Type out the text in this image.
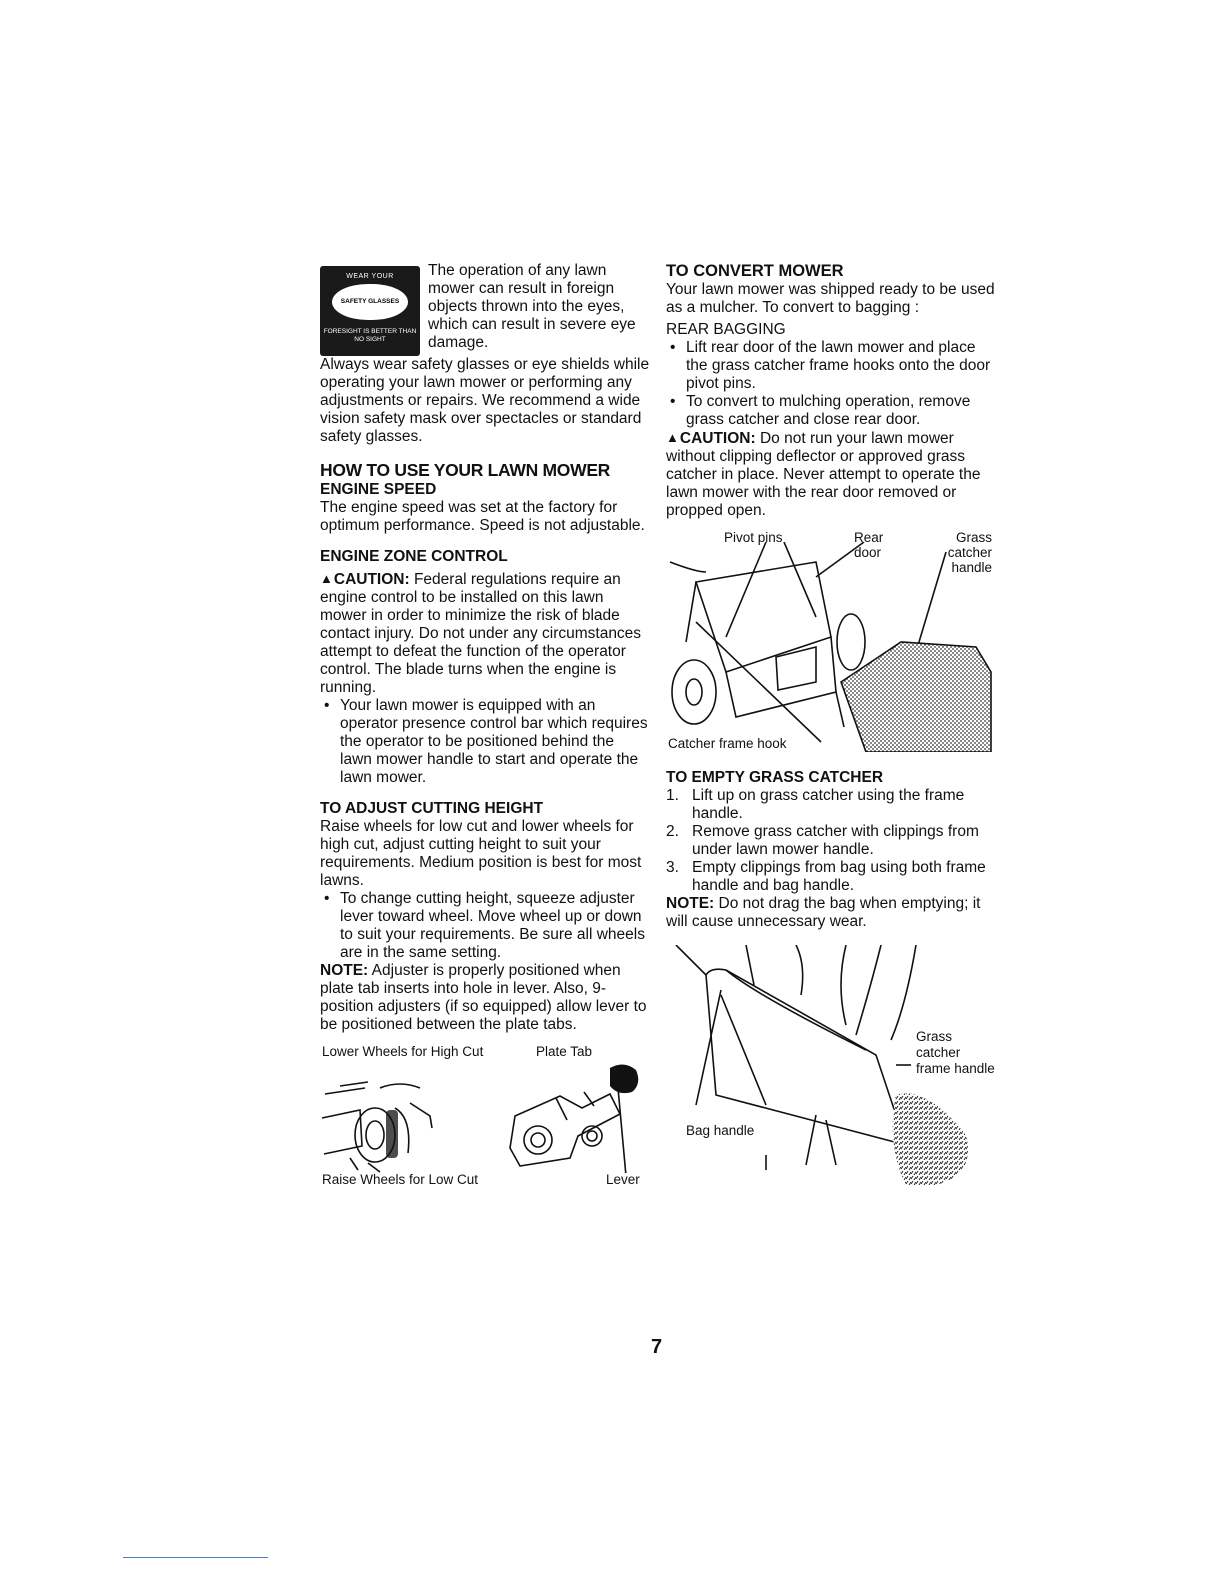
WEAR YOUR
SAFETY GLASSES
FORESIGHT IS BETTER THAN NO SIGHT

The operation of any lawn mower can result in foreign objects thrown into the eyes, which can result in severe eye damage.

Always wear safety glasses or eye shields while operating your lawn mower or performing any adjustments or repairs. We recommend a wide vision safety mask over spectacles or standard safety glasses.

HOW TO USE YOUR LAWN MOWER
ENGINE SPEED

The engine speed was set at the factory for optimum performance. Speed is not adjustable.

ENGINE ZONE CONTROL

▲CAUTION: Federal regulations require an engine control to be installed on this lawn mower in order to minimize the risk of blade contact injury. Do not under any circumstances attempt to defeat the function of the operator control. The blade turns when the engine is running.

• Your lawn mower is equipped with an operator presence control bar which requires the operator to be positioned behind the lawn mower handle to start and operate the lawn mower.
TO ADJUST CUTTING HEIGHT

Raise wheels for low cut and lower wheels for high cut, adjust cutting height to suit your requirements. Medium position is best for most lawns.

• To change cutting height, squeeze adjuster lever toward wheel. Move wheel up or down to suit your requirements. Be sure all wheels are in the same setting.

NOTE: Adjuster is properly positioned when plate tab inserts into hole in lever. Also, 9-position adjusters (if so equipped) allow lever to be positioned between the plate tabs.

Lower Wheels for High Cut	Plate Tab
Raise Wheels for Low Cut	Lever
TO CONVERT MOWER

Your lawn mower was shipped ready to be used as a mulcher. To convert to bagging :

REAR BAGGING

• Lift rear door of the lawn mower and place the grass catcher frame hooks onto the door pivot pins.
• To convert to mulching operation, remove grass catcher and close rear door.

▲CAUTION: Do not run your lawn mower without clipping deflector or approved grass catcher in place. Never attempt to operate the lawn mower with the rear door removed or propped open.

Pivot pins	Rear door
Grass catcher handle
Catcher frame hook
TO EMPTY GRASS CATCHER
1. Lift up on grass catcher using the frame handle.
2. Remove grass catcher with clippings from under lawn mower handle.
3. Empty clippings from bag using both frame handle and bag handle.

NOTE: Do not drag the bag when emptying; it will cause unnecessary wear.

Grass catcher frame handle
Bag handle
7
